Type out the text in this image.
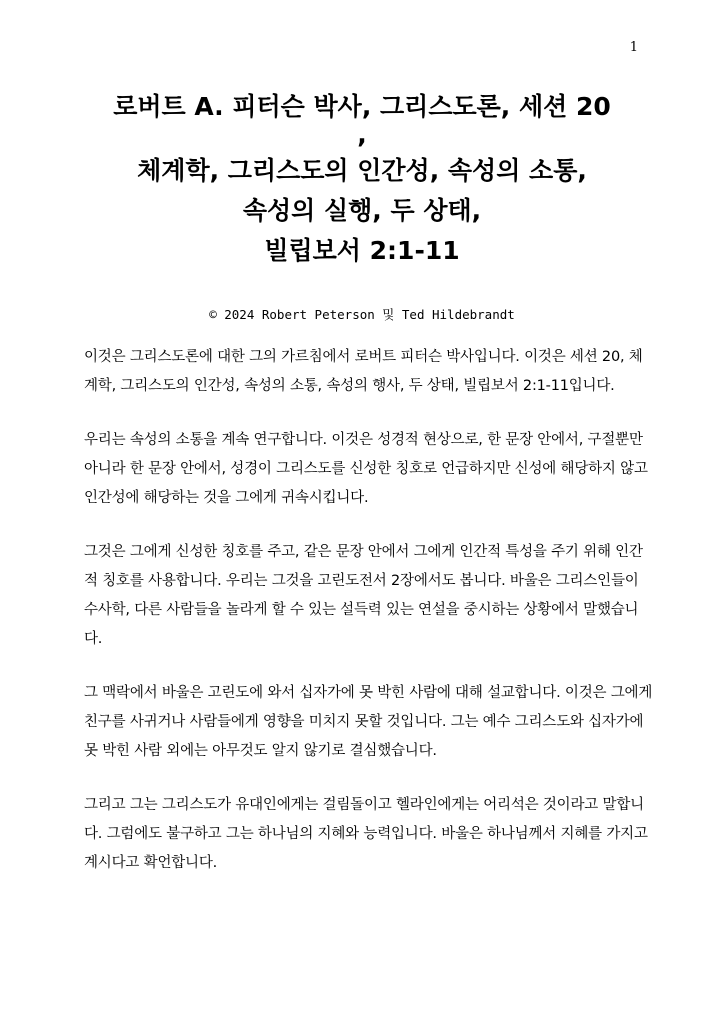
1

로버트 A. 피터슨 박사, 그리스도론, 세션 20

,

체계학, 그리스도의 인간성, 속성의 소통,

속성의 실행, 두 상태,

빌립보서 2:1-11

© 2024 Robert Peterson 및 Ted Hildebrandt

이것은 그리스도론에 대한 그의 가르침에서 로버트 피터슨 박사입니다. 이것은 세션 20, 체계학, 그리스도의 인간성, 속성의 소통, 속성의 행사, 두 상태, 빌립보서 2:1-11입니다.

우리는 속성의 소통을 계속 연구합니다. 이것은 성경적 현상으로, 한 문장 안에서, 구절뿐만 아니라 한 문장 안에서, 성경이 그리스도를 신성한 칭호로 언급하지만 신성에 해당하지 않고 인간성에 해당하는 것을 그에게 귀속시킵니다.

그것은 그에게 신성한 칭호를 주고, 같은 문장 안에서 그에게 인간적 특성을 주기 위해 인간적 칭호를 사용합니다. 우리는 그것을 고린도전서 2장에서도 봅니다. 바울은 그리스인들이 수사학, 다른 사람들을 놀라게 할 수 있는 설득력 있는 연설을 중시하는 상황에서 말했습니다.

그 맥락에서 바울은 고린도에 와서 십자가에 못 박힌 사람에 대해 설교합니다. 이것은 그에게 친구를 사귀거나 사람들에게 영향을 미치지 못할 것입니다. 그는 예수 그리스도와 십자가에 못 박힌 사람 외에는 아무것도 알지 않기로 결심했습니다.

그리고 그는 그리스도가 유대인에게는 걸림돌이고 헬라인에게는 어리석은 것이라고 말합니다. 그럼에도 불구하고 그는 하나님의 지혜와 능력입니다. 바울은 하나님께서 지혜를 가지고 계시다고 확언합니다.
